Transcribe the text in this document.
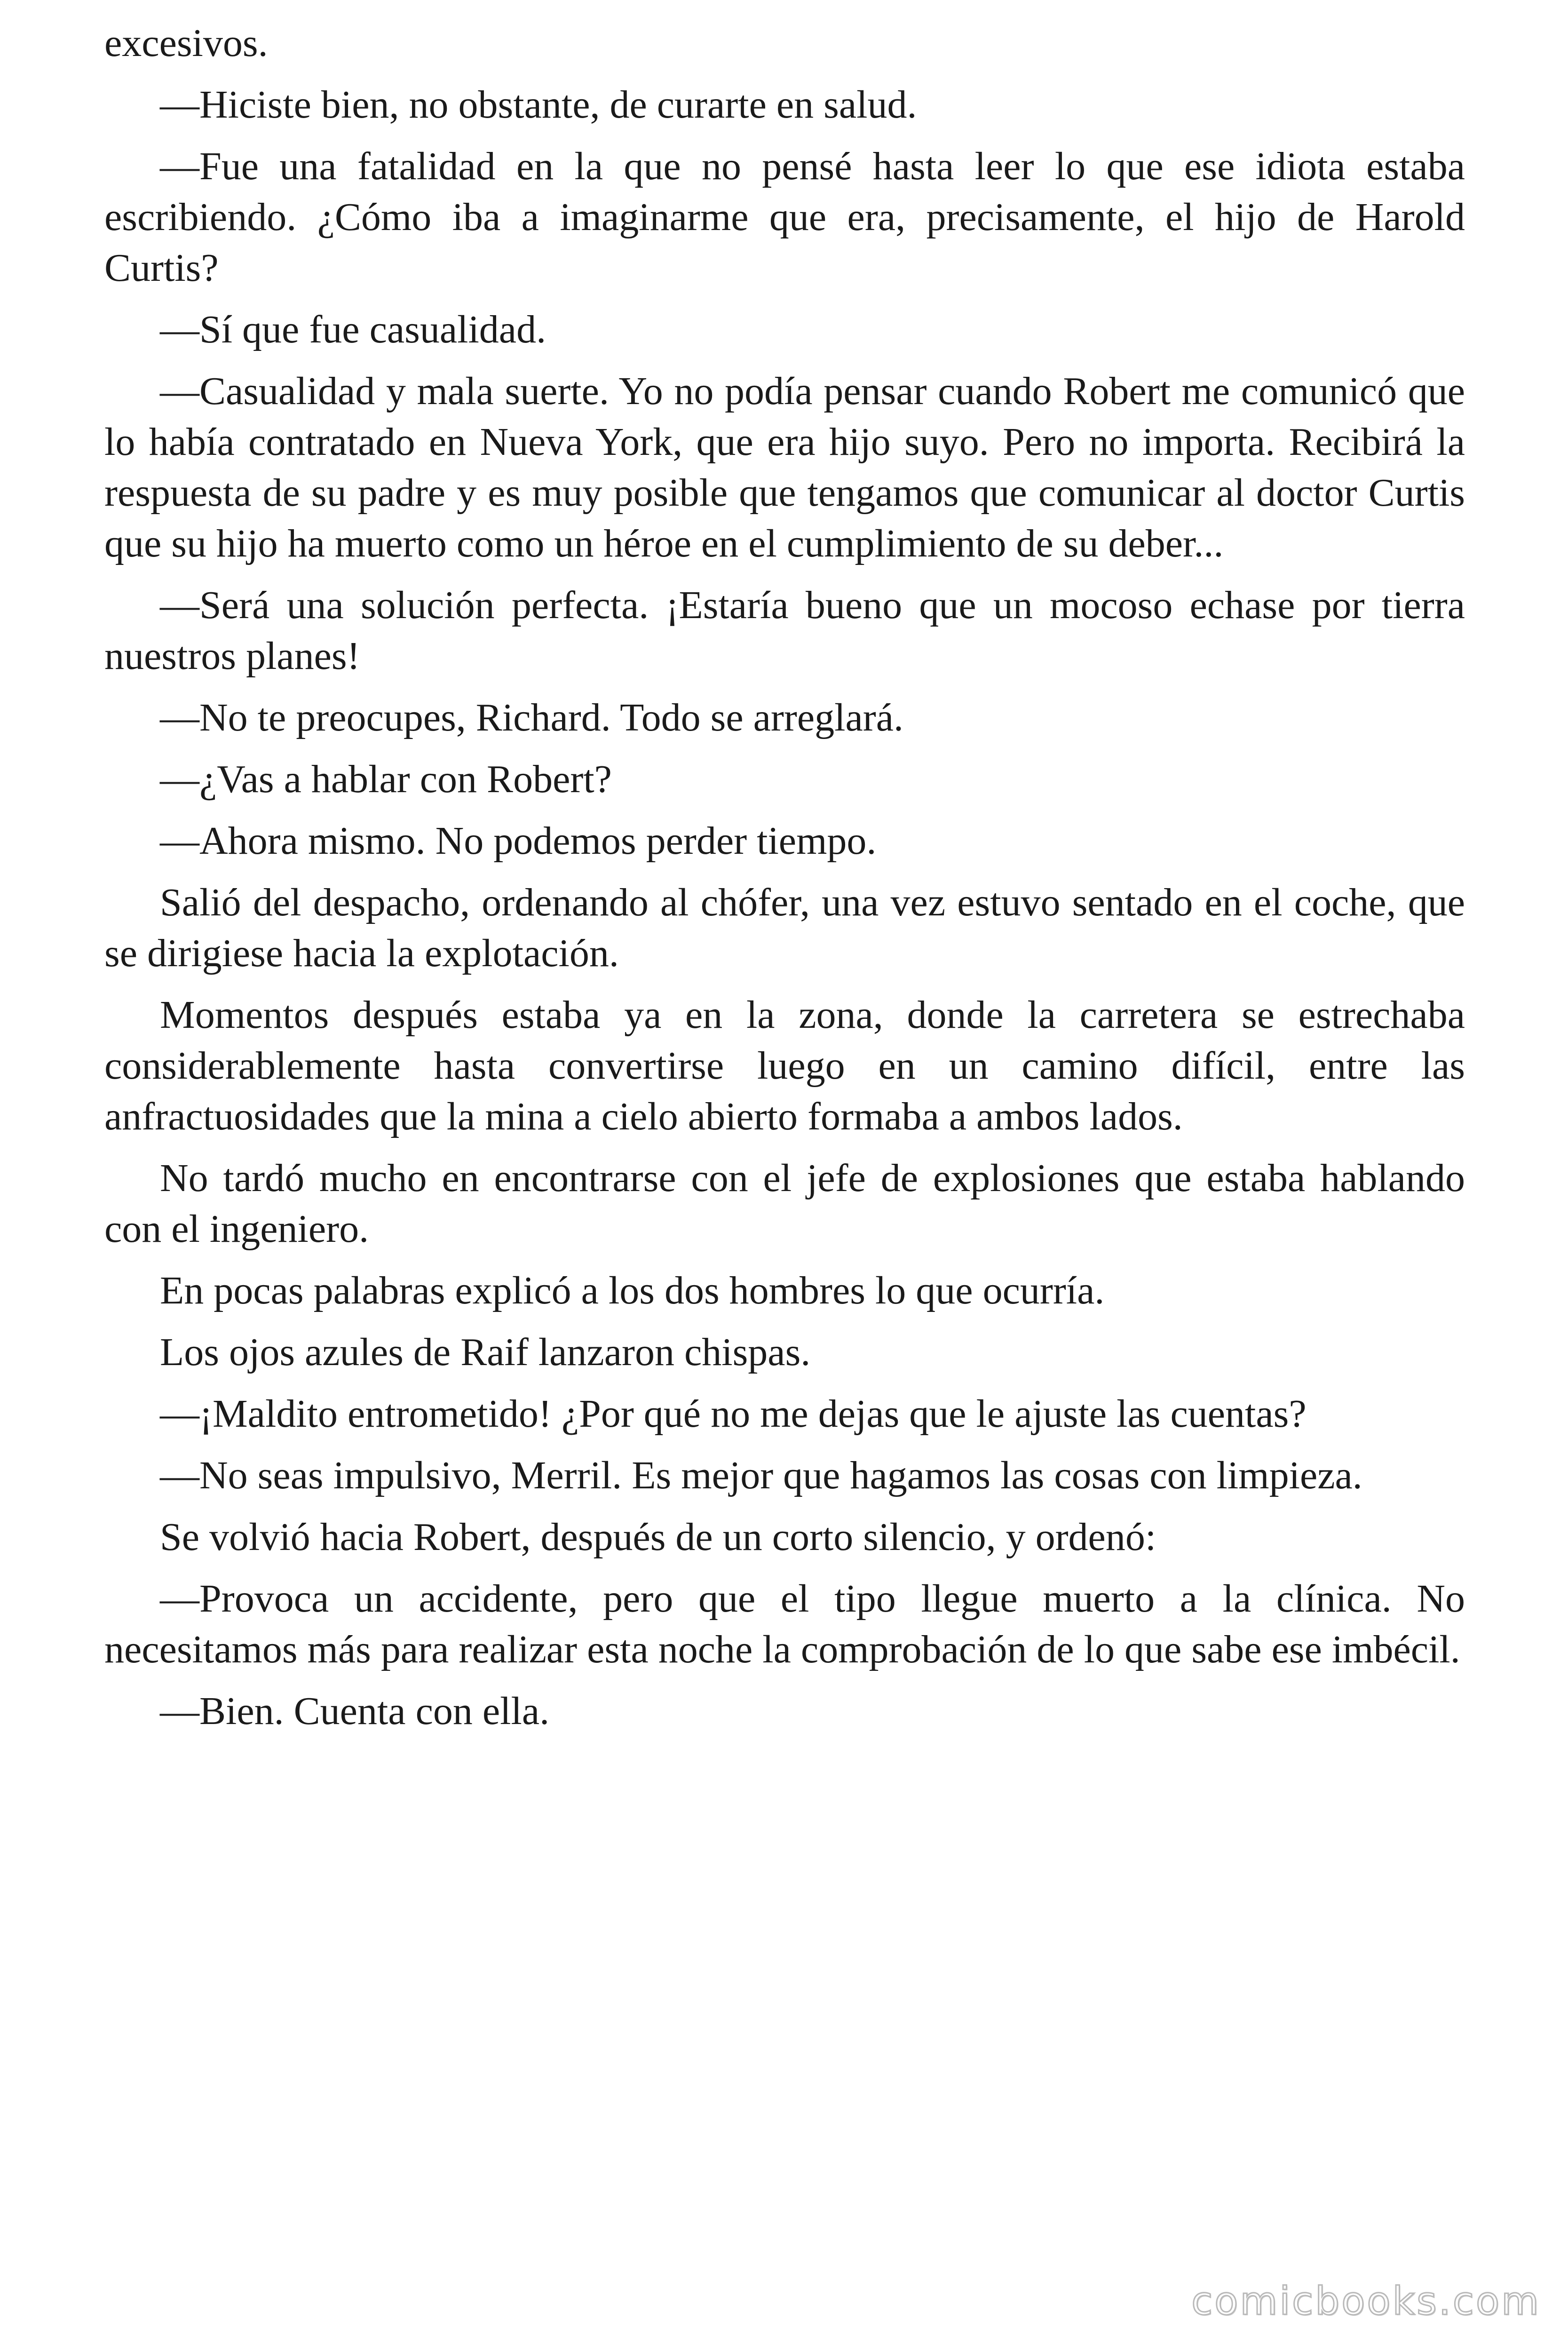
excesivos.

—Hiciste bien, no obstante, de curarte en salud.

—Fue una fatalidad en la que no pensé hasta leer lo que ese idiota estaba escribiendo. ¿Cómo iba a imaginarme que era, precisamente, el hijo de Harold Curtis?

—Sí que fue casualidad.

—Casualidad y mala suerte. Yo no podía pensar cuando Robert me comunicó que lo había contratado en Nueva York, que era hijo suyo. Pero no importa. Recibirá la respuesta de su padre y es muy posible que tengamos que comunicar al doctor Curtis que su hijo ha muerto como un héroe en el cumplimiento de su deber...

—Será una solución perfecta. ¡Estaría bueno que un mocoso echase por tierra nuestros planes!

—No te preocupes, Richard. Todo se arreglará.

—¿Vas a hablar con Robert?

—Ahora mismo. No podemos perder tiempo.

Salió del despacho, ordenando al chófer, una vez estuvo sentado en el coche, que se dirigiese hacia la explotación.

Momentos después estaba ya en la zona, donde la carretera se estrechaba considerablemente hasta convertirse luego en un camino difícil, entre las anfractuosidades que la mina a cielo abierto formaba a ambos lados.

No tardó mucho en encontrarse con el jefe de explosiones que estaba hablando con el ingeniero.

En pocas palabras explicó a los dos hombres lo que ocurría.

Los ojos azules de Raif lanzaron chispas.

—¡Maldito entrometido! ¿Por qué no me dejas que le ajuste las cuentas?

—No seas impulsivo, Merril. Es mejor que hagamos las cosas con limpieza.

Se volvió hacia Robert, después de un corto silencio, y ordenó:

—Provoca un accidente, pero que el tipo llegue muerto a la clínica. No necesitamos más para realizar esta noche la comprobación de lo que sabe ese imbécil.

—Bien. Cuenta con ella.

comicbooks.com
